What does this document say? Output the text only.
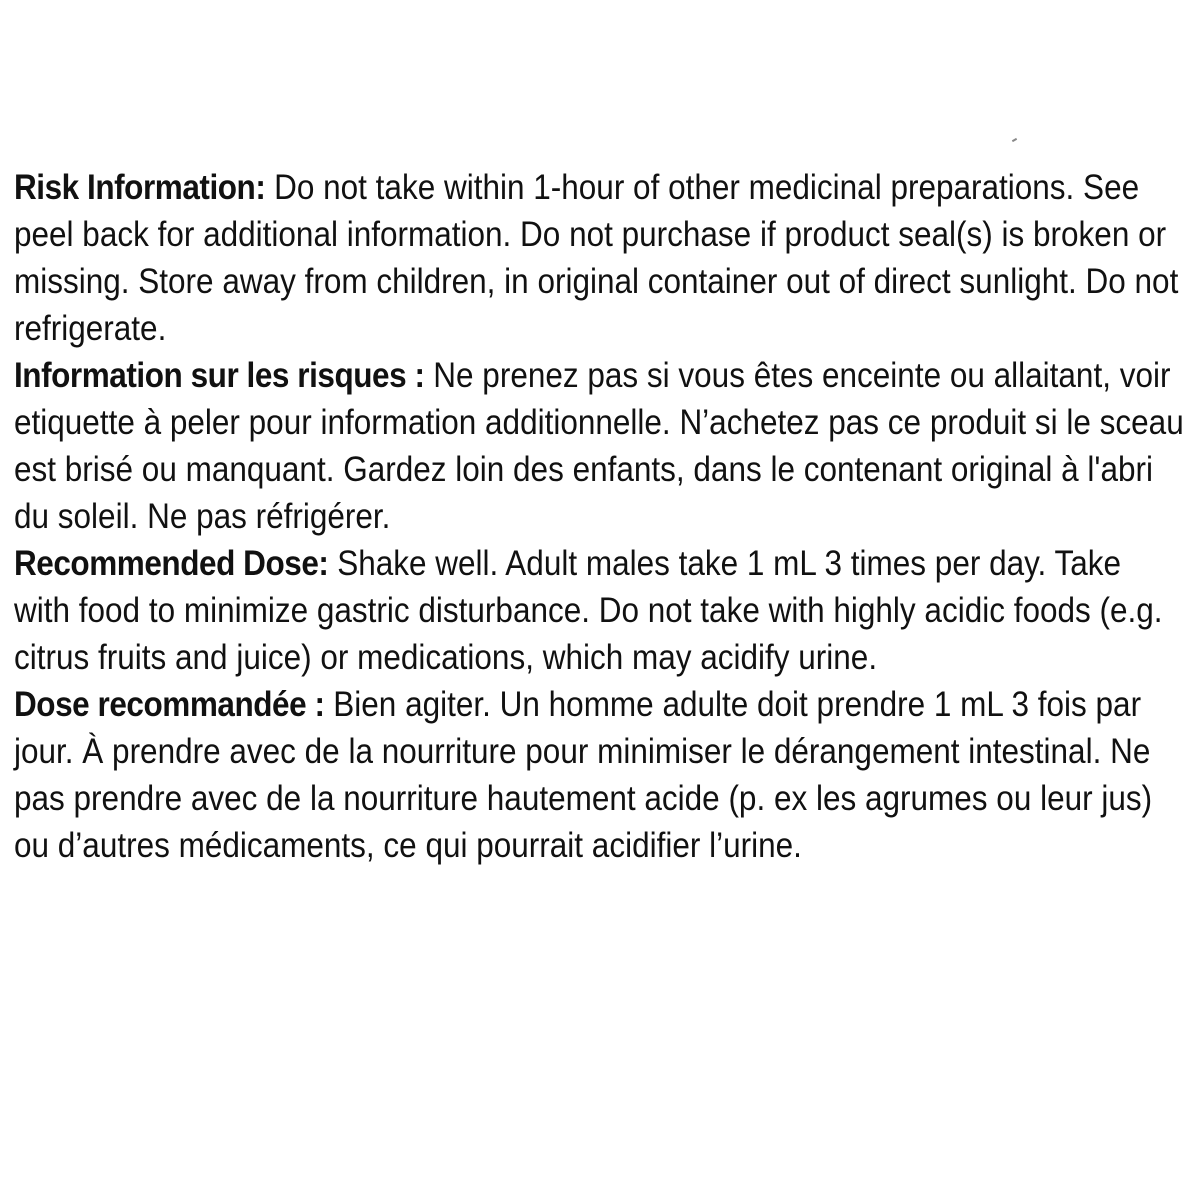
Risk Information: Do not take within 1-hour of other medicinal preparations. See peel back for additional information. Do not purchase if product seal(s) is broken or missing. Store away from children, in original container out of direct sunlight. Do not refrigerate.

Information sur les risques : Ne prenez pas si vous êtes enceinte ou allaitant, voir etiquette à peler pour information additionnelle. N’achetez pas ce produit si le sceau est brisé ou manquant. Gardez loin des enfants, dans le contenant original à l'abri du soleil. Ne pas réfrigérer.

Recommended Dose: Shake well. Adult males take 1 mL 3 times per day. Take with food to minimize gastric disturbance. Do not take with highly acidic foods (e.g. citrus fruits and juice) or medications, which may acidify urine.

Dose recommandée : Bien agiter. Un homme adulte doit prendre 1 mL 3 fois par jour. À prendre avec de la nourriture pour minimiser le dérangement intestinal. Ne pas prendre avec de la nourriture hautement acide (p. ex les agrumes ou leur jus) ou d’autres médicaments, ce qui pourrait acidifier l’urine.
